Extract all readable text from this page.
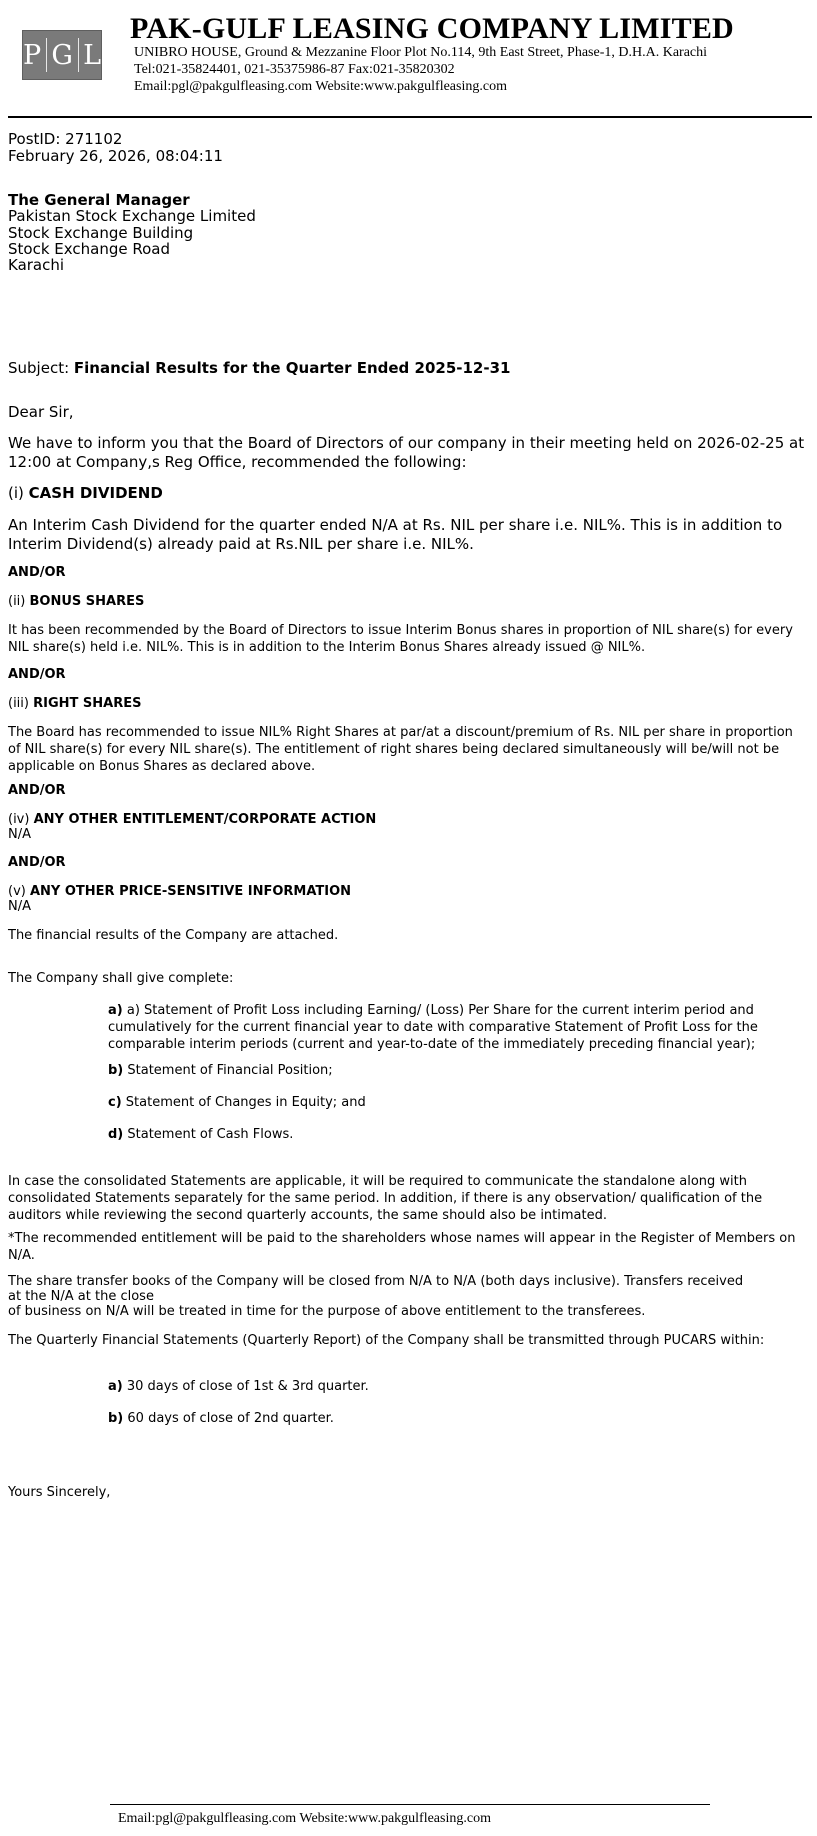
P G L
PAK-GULF LEASING COMPANY LIMITED
UNIBRO HOUSE, Ground & Mezzanine Floor Plot No.114, 9th East Street, Phase-1, D.H.A. Karachi
Tel:021-35824401, 021-35375986-87 Fax:021-35820302
Email:pgl@pakgulfleasing.com Website:www.pakgulfleasing.com
PostID: 271102
February 26, 2026, 08:04:11
The General Manager
Pakistan Stock Exchange Limited
Stock Exchange Building
Stock Exchange Road
Karachi
Subject: Financial Results for the Quarter Ended 2025-12-31
Dear Sir,
We have to inform you that the Board of Directors of our company in their meeting held on 2026-02-25 at 12:00 at Company,s Reg Office, recommended the following:
(i) CASH DIVIDEND
An Interim Cash Dividend for the quarter ended N/A at Rs. NIL per share i.e. NIL%. This is in addition to Interim Dividend(s) already paid at Rs.NIL per share i.e. NIL%.
AND/OR
(ii) BONUS SHARES
It has been recommended by the Board of Directors to issue Interim Bonus shares in proportion of NIL share(s) for every NIL share(s) held i.e. NIL%. This is in addition to the Interim Bonus Shares already issued @ NIL%.
AND/OR
(iii) RIGHT SHARES
The Board has recommended to issue NIL% Right Shares at par/at a discount/premium of Rs. NIL per share in proportion of NIL share(s) for every NIL share(s). The entitlement of right shares being declared simultaneously will be/will not be applicable on Bonus Shares as declared above.
AND/OR
(iv) ANY OTHER ENTITLEMENT/CORPORATE ACTION
N/A
AND/OR
(v) ANY OTHER PRICE-SENSITIVE INFORMATION
N/A
The financial results of the Company are attached.
The Company shall give complete:
a) a) Statement of Profit Loss including Earning/ (Loss) Per Share for the current interim period and cumulatively for the current financial year to date with comparative Statement of Profit Loss for the comparable interim periods (current and year-to-date of the immediately preceding financial year);
b) Statement of Financial Position;
c) Statement of Changes in Equity; and
d) Statement of Cash Flows.
In case the consolidated Statements are applicable, it will be required to communicate the standalone along with consolidated Statements separately for the same period. In addition, if there is any observation/ qualification of the auditors while reviewing the second quarterly accounts, the same should also be intimated.
*The recommended entitlement will be paid to the shareholders whose names will appear in the Register of Members on N/A.
The share transfer books of the Company will be closed from N/A to N/A (both days inclusive). Transfers received
at the N/A at the close
of business on N/A will be treated in time for the purpose of above entitlement to the transferees.
The Quarterly Financial Statements (Quarterly Report) of the Company shall be transmitted through PUCARS within:
a) 30 days of close of 1st & 3rd quarter.
b) 60 days of close of 2nd quarter.
Yours Sincerely,
Email:pgl@pakgulfleasing.com Website:www.pakgulfleasing.com
